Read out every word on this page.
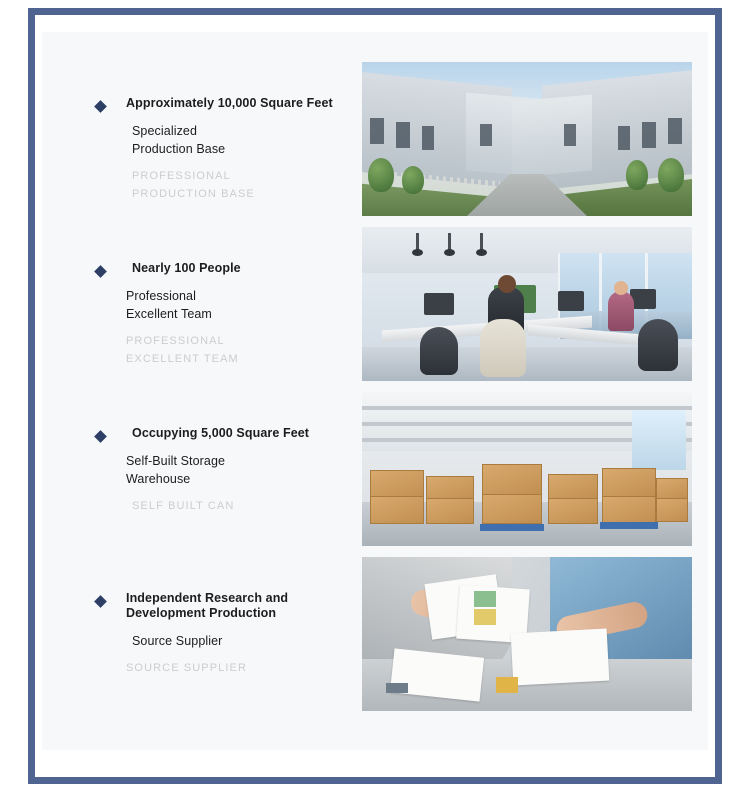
Approximately 10,000 Square Feet
Specialized
Production Base
PROFESSIONAL
PRODUCTION BASE
Nearly 100 People
Professional
Excellent Team
PROFESSIONAL
EXCELLENT TEAM
Occupying 5,000 Square Feet
Self-Built Storage
Warehouse
SELF BUILT CAN
Independent Research and Development Production
Source Supplier
SOURCE SUPPLIER
